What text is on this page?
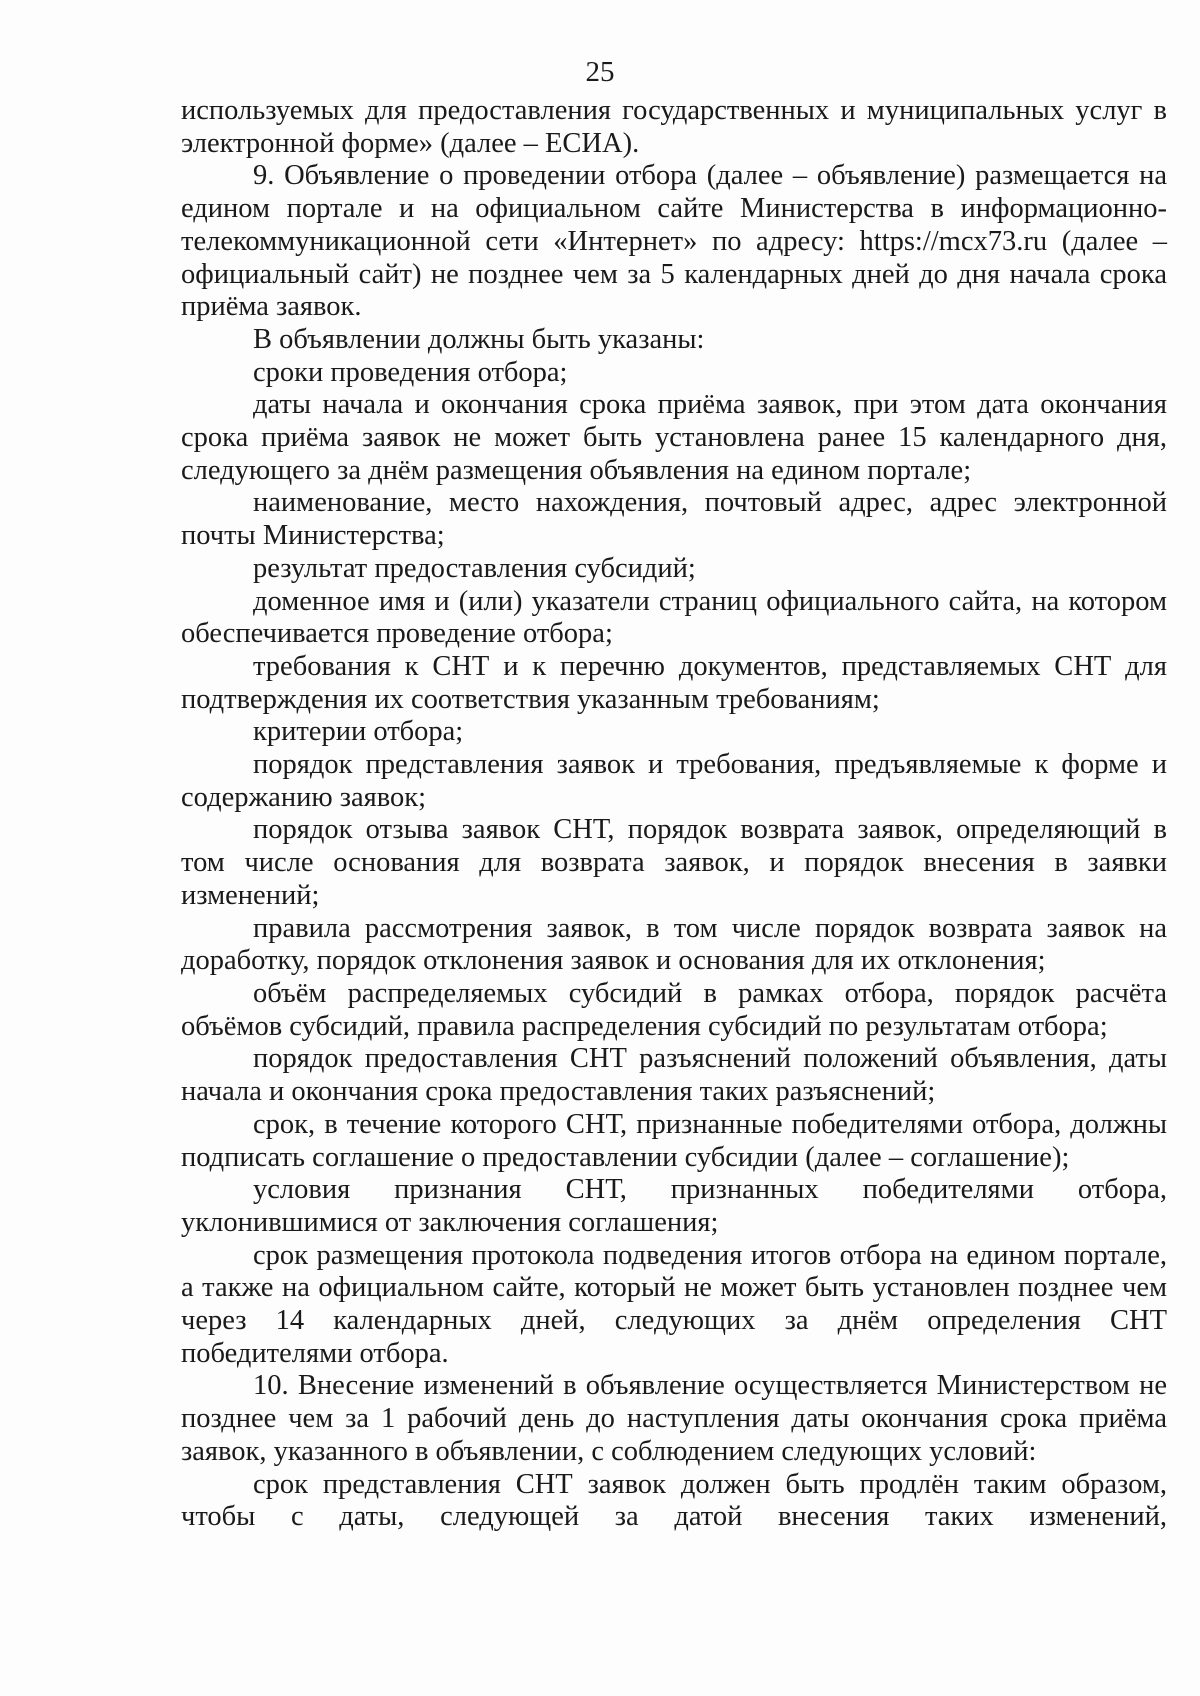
25

используемых для предоставления государственных и муниципальных услуг в электронной форме» (далее – ЕСИА).

9. Объявление о проведении отбора (далее – объявление) размещается на едином портале и на официальном сайте Министерства в информационно-телекоммуникационной сети «Интернет» по адресу: https://mcx73.ru (далее – официальный сайт) не позднее чем за 5 календарных дней до дня начала срока приёма заявок.

В объявлении должны быть указаны:

сроки проведения отбора;

даты начала и окончания срока приёма заявок, при этом дата окончания срока приёма заявок не может быть установлена ранее 15 календарного дня, следующего за днём размещения объявления на едином портале;

наименование, место нахождения, почтовый адрес, адрес электронной почты Министерства;

результат предоставления субсидий;

доменное имя и (или) указатели страниц официального сайта, на котором обеспечивается проведение отбора;

требования к СНТ и к перечню документов, представляемых СНТ для подтверждения их соответствия указанным требованиям;

критерии отбора;

порядок представления заявок и требования, предъявляемые к форме и содержанию заявок;

порядок отзыва заявок СНТ, порядок возврата заявок, определяющий в том числе основания для возврата заявок, и порядок внесения в заявки изменений;

правила рассмотрения заявок, в том числе порядок возврата заявок на доработку, порядок отклонения заявок и основания для их отклонения;

объём распределяемых субсидий в рамках отбора, порядок расчёта объёмов субсидий, правила распределения субсидий по результатам отбора;

порядок предоставления СНТ разъяснений положений объявления, даты начала и окончания срока предоставления таких разъяснений;

срок, в течение которого СНТ, признанные победителями отбора, должны подписать соглашение о предоставлении субсидии (далее – соглашение);

условия признания СНТ, признанных победителями отбора, уклонившимися от заключения соглашения;

срок размещения протокола подведения итогов отбора на едином портале, а также на официальном сайте, который не может быть установлен позднее чем через 14 календарных дней, следующих за днём определения СНТ победителями отбора.

10. Внесение изменений в объявление осуществляется Министерством не позднее чем за 1 рабочий день до наступления даты окончания срока приёма заявок, указанного в объявлении, с соблюдением следующих условий:

срок представления СНТ заявок должен быть продлён таким образом, чтобы с даты, следующей за датой внесения таких изменений,
